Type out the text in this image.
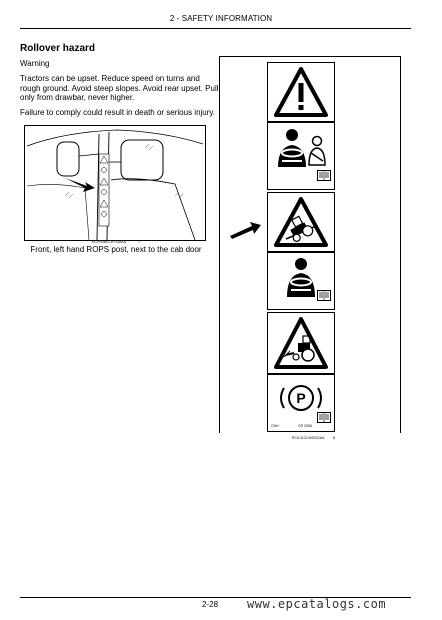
2 - SAFETY INFORMATION
Rollover hazard
Warning
Tractors can be upset. Reduce speed on turns and rough ground. Avoid steep slopes. Avoid rear upset. Pull only from drawbar, never higher.
Failure to comply could result in death or serious injury.
RCPH08CCH711AAA	7
Front, left hand ROPS post, next to the cab door
P
CNH	CR 2006
RCIL11CCH002GAA 8
2-28 www.epcatalogs.com
